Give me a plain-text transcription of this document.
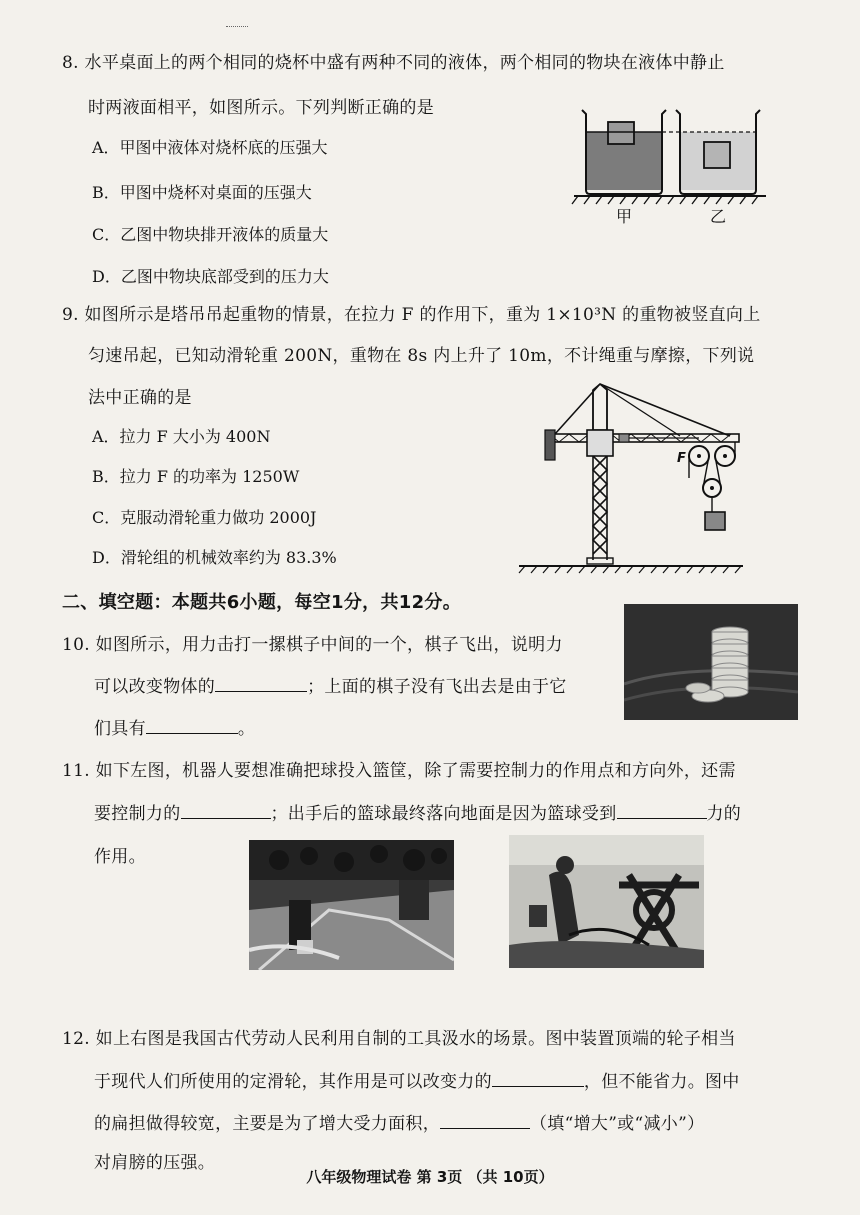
8. 水平桌面上的两个相同的烧杯中盛有两种不同的液体，两个相同的物块在液体中静止
时两液面相平，如图所示。下列判断正确的是
A．甲图中液体对烧杯底的压强大
B．甲图中烧杯对桌面的压强大
C．乙图中物块排开液体的质量大
D．乙图中物块底部受到的压力大
甲	乙
9. 如图所示是塔吊吊起重物的情景，在拉力 F 的作用下，重为 1×10³N 的重物被竖直向上
匀速吊起，已知动滑轮重 200N，重物在 8s 内上升了 10m，不计绳重与摩擦，下列说
法中正确的是
A．拉力 F 大小为 400N
B．拉力 F 的功率为 1250W
C．克服动滑轮重力做功 2000J
D．滑轮组的机械效率约为 83.3%
F
二、填空题：本题共6小题，每空1分，共12分。
10. 如图所示，用力击打一摞棋子中间的一个，棋子飞出，说明力
可以改变物体的	；上面的棋子没有飞出去是由于它
们具有	。
11. 如下左图，机器人要想准确把球投入篮筐，除了需要控制力的作用点和方向外，还需
要控制力的	；出手后的篮球最终落向地面是因为篮球受到	力的
作用。
12. 如上右图是我国古代劳动人民利用自制的工具汲水的场景。图中装置顶端的轮子相当
于现代人们所使用的定滑轮，其作用是可以改变力的	，但不能省力。图中
的扁担做得较宽，主要是为了增大受力面积，	（填“增大”或“减小”）
对肩膀的压强。
八年级物理试卷 第 3页 （共 10页）
